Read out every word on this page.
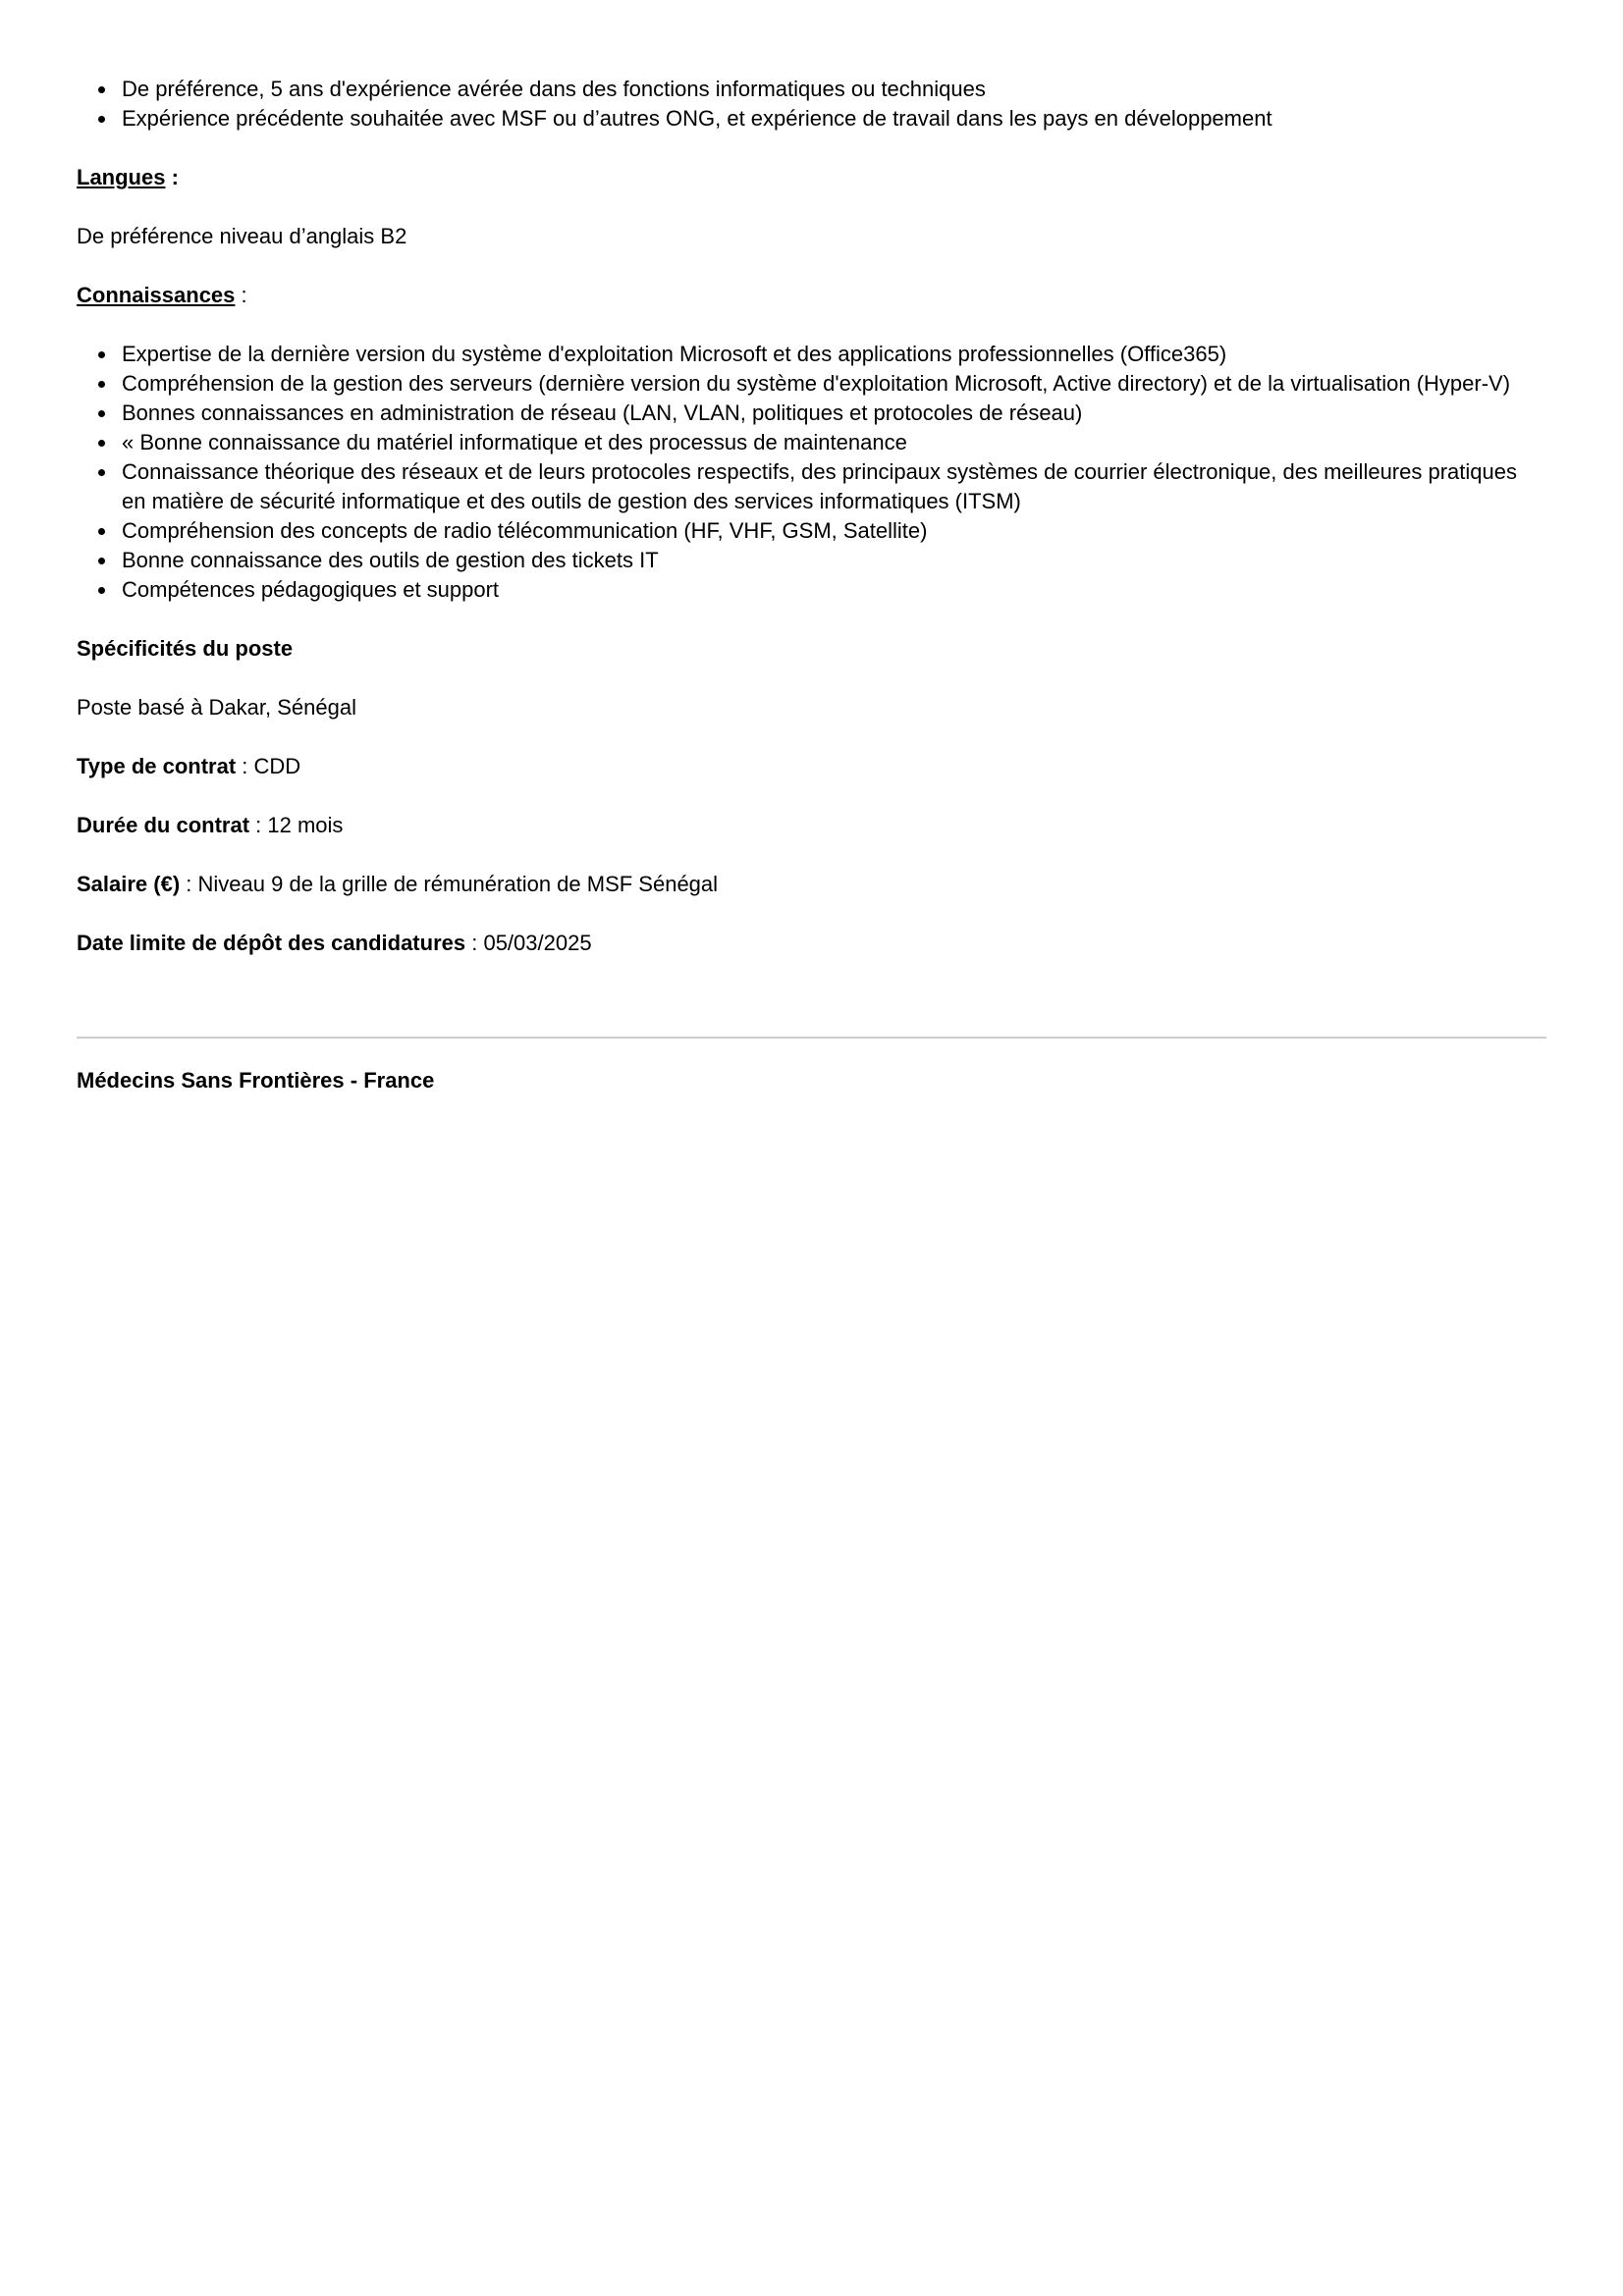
• De préférence, 5 ans d'expérience avérée dans des fonctions informatiques ou techniques
• Expérience précédente souhaitée avec MSF ou d’autres ONG, et expérience de travail dans les pays en développement

Langues :

De préférence niveau d’anglais B2

Connaissances :

• Expertise de la dernière version du système d'exploitation Microsoft et des applications professionnelles (Office365)
• Compréhension de la gestion des serveurs (dernière version du système d'exploitation Microsoft, Active directory) et de la virtualisation (Hyper-V)
• Bonnes connaissances en administration de réseau (LAN, VLAN, politiques et protocoles de réseau)
• « Bonne connaissance du matériel informatique et des processus de maintenance
• Connaissance théorique des réseaux et de leurs protocoles respectifs, des principaux systèmes de courrier électronique, des meilleures pratiques en matière de sécurité informatique et des outils de gestion des services informatiques (ITSM)
• Compréhension des concepts de radio télécommunication (HF, VHF, GSM, Satellite)
• Bonne connaissance des outils de gestion des tickets IT
• Compétences pédagogiques et support

Spécificités du poste

Poste basé à Dakar, Sénégal

Type de contrat : CDD

Durée du contrat : 12 mois

Salaire (€) : Niveau 9 de la grille de rémunération de MSF Sénégal

Date limite de dépôt des candidatures : 05/03/2025

Médecins Sans Frontières - France
